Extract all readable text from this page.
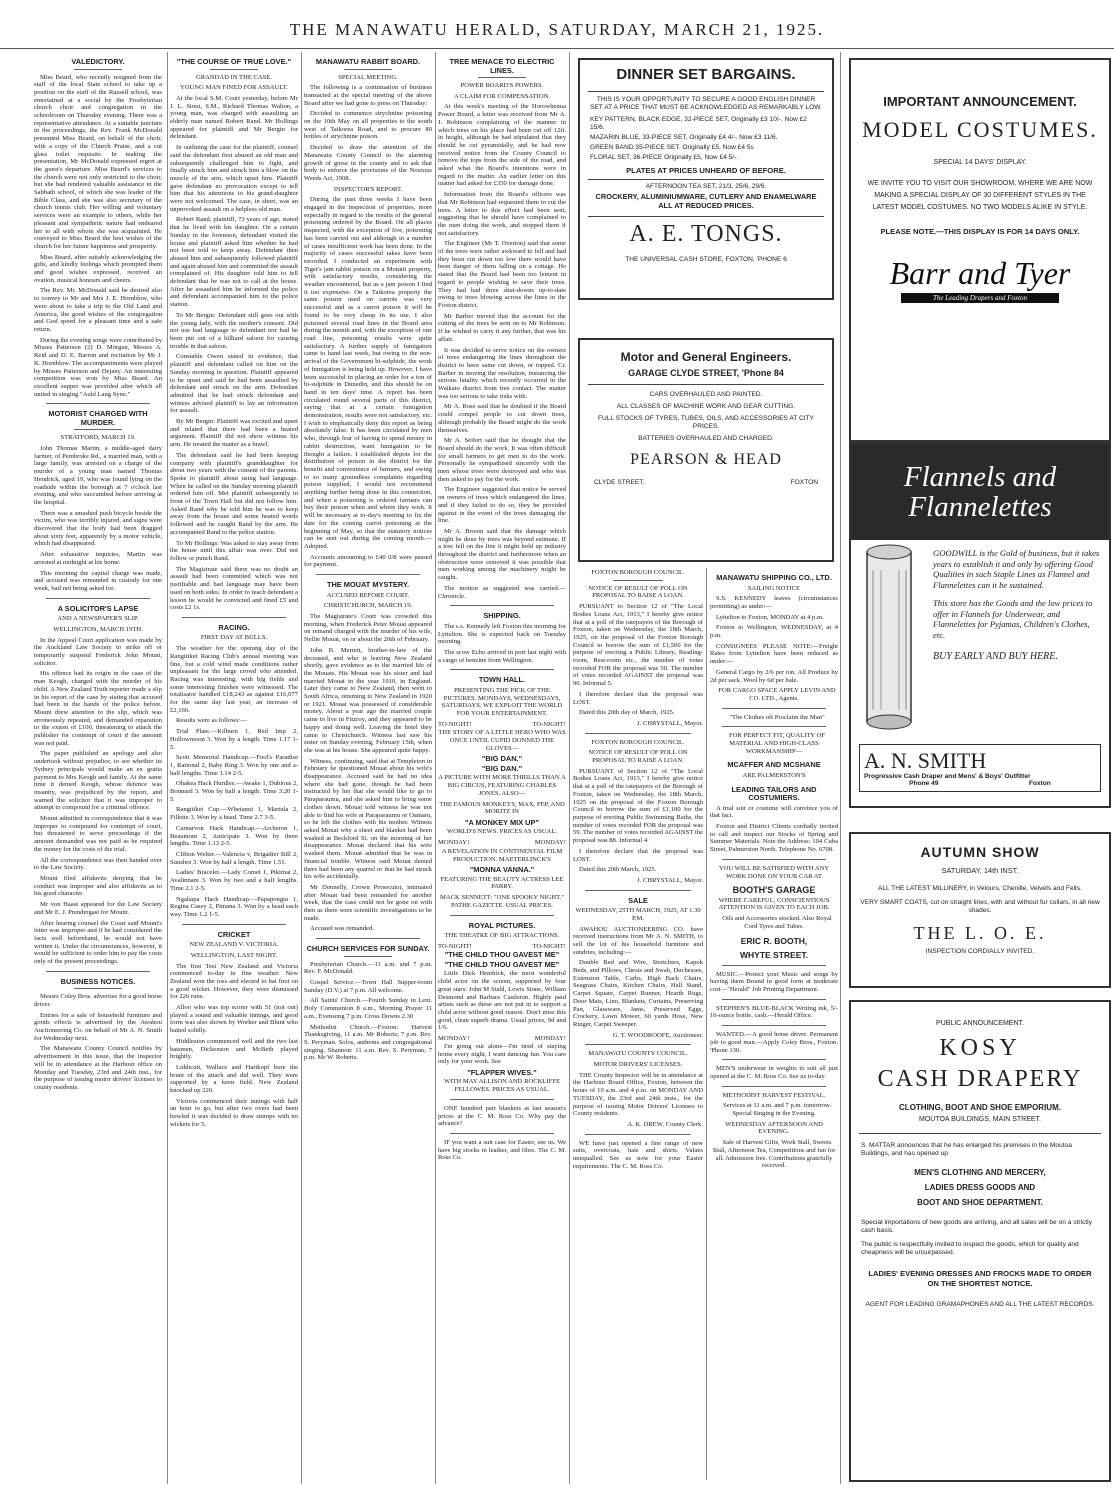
THE MANAWATU HERALD, SATURDAY, MARCH 21, 1925.
VALEDICTORY.

Miss Beard, who recently resigned from the staff of the local State school to take up a position on the staff of the Russell school, was entertained at a social by the Presbyterian church choir and congregation in the schoolroom on Thursday evening. There was a representative attendance. At a suitable juncture in the proceedings, the Rev. Frank McDonald presented Miss Beard, on behalf of the choir, with a copy of the Church Praise, and a cut glass toilet requisite. In making the presentation, Mr McDonald expressed regret at the guest's departure. Miss Beard's services to the church were not only restricted to the choir, but she had rendered valuable assistance in the Sabbath school, of which she was leader of the Bible Class, and she was also secretary of the church tennis club. Her willing and voluntary services were an example to others, while her pleasant and sympathetic nature had endeared her to all with whom she was acquainted. He conveyed to Miss Beard the best wishes of the church for her future happiness and prosperity.

Miss Beard, after suitably acknowledging the gifts, and kindly feelings which prompted them and good wishes expressed, received an ovation, musical honours and cheers.

The Rev. Mr. McDonald said he desired also to convey to Mr and Mrs J. E. Hornblow, who were about to take a trip to the Old Land and America, the good wishes of the congregation and God speed for a pleasant time and a safe return.

During the evening songs were contributed by Misses Patterson (2) D. Morgan, Messrs A. Reid and D. E. Barron and recitation by Mr J. K. Hornblow. The accompaniments were played by Misses Patterson and Dejany. An interesting competition was won by Miss Beard. An excellent supper was provided after which all united in singing "Auld Lang Syne."

MOTORIST CHARGED WITH MURDER.
STRATFORD, MARCH 19.

John Thomas Martin, a middle-aged dairy farmer, of Pembroke Rd., a married man, with a large family, was arrested on a charge of the murder of a young man named Thomas Hendrick, aged 19, who was found lying on the roadside within the borough at 7 o'clock last evening, and who succumbed before arriving at the hospital.

There was a smashed push bicycle beside the victim, who was terribly injured, and signs were discovered that the body had been dragged about sixty feet, apparently by a motor vehicle, which had disappeared.

After exhaustive inquiries, Martin was arrested at midnight at his home.

This morning the capital charge was made, and accused was remanded in custody for one week, bail not being asked for.

A SOLICITOR'S LAPSE
AND A NEWSPAPER'S SLIP.
WELLINGTON, MARCH 19TH.

In the Appeal Court application was made by the Auckland Law Society to strike off or temporarily suspend Frederick John Mount, solicitor.

His offence had its origin in the case of the man Keogh, charged with the murder of his child. A New Zealand Truth reporter made a slip in his report of the case by stating that accused had been in the hands of the police before. Mount drew attention to the slip, which was erroneously repeated, and demanded reparation to the extent of £100, threatening to attack the publisher for contempt of court if the amount was not paid.

The paper published an apology and also undertook without prejudice, to see whether its Sydney principals would make an ex gratia payment to Mrs Keogh and family. At the same time it denied Keogh, whose defence was insanity, was prejudiced by the report, and warned the solicitor that it was improper to attempt to compound for a criminal offence.

Mount admitted in correspondence that it was improper to compound for contempt of court, but threatened to serve proceedings if the amount demanded was not paid as he required the money for the costs of the trial.

All the correspondence was then handed over to the Law Society.

Mount filed affidavits denying that he conduct was improper and also affidavits as to his good character.

Mr von Haast appeared for the Law Society and Mr E. J. Prendergast for Mount.

After hearing counsel the Court said Mount's letter was improper and if he had considered the facts well beforehand, he would not have written it. Under the circumstances, however, it would be sufficient to order him to pay the costs only of the present proceedings.

BUSINESS NOTICES.

Messrs Coley Bros. advertise for a good horse driver.

Entries for a sale of household furniture and goods effects is advertised by the Awahou Auctioneering Co. on behalf of Mr A. N. Smith for Wednesday next.

The Manawatu County Council notifies by advertisement in this issue, that the inspector will be in attendance at the Harbour office on Monday and Tuesday, 23rd and 24th inst., for the purpose of issuing motor drivers' licenses to county residents.

"THE COURSE OF TRUE LOVE."
GRANDAD IN THE CASE.
YOUNG MAN FINED FOR ASSAULT.

At the local S.M. Court yesterday, before Mr J. L. Stout, S.M., Richard Thomas Walton, a young man, was charged with assaulting an elderly man named Robert Rand. Mr Hollings appeared for plaintiff and Mr Bergin for defendant.

In outlining the case for the plaintiff, counsel said the defendant first abused an old man and subsequently challenged him to fight, and finally struck him and struck him a blow on the muscle of the arm, which upset him. Plaintiff gave defendant no provocation except to tell him that his attentions to his grand-daughter were not welcomed. The case, in short, was an unprovoked assault on a helpless old man.

Robert Rand, plaintiff, 73 years of age, stated that he lived with his daughter. On a certain Sunday in the forenoon, defendant visited the house and plaintiff asked him whether he had not been told to keep away. Defendant then abused him and subsequently followed plaintiff and again abused him and committed the assault complained of. His daughter told him to tell defendant that he was not to call at the house. After he assaulted him he informed the police and defendant accompanied him to the police station.

To Mr Bergin: Defendant still goes out with the young lady, with the mother's consent. Did not use bad language to defendant nor had he been put out of a billiard saloon for causing trouble in that saloon.

Constable Owen stated in evidence, that plaintiff and defendant called on him on the Sunday morning in question. Plaintiff appeared to be upset and said he had been assaulted by defendant and struck on the arm. Defendant admitted that he had struck defendant and witness advised plaintiff to lay an information for assault.

By Mr Bergin: Plaintiff was excited and upset and related that there had been a heated argument. Plaintiff did not show witness his arm. He treated the matter as a brawl.

The defendant said he had been keeping company with plaintiff's granddaughter for about two years with the consent of the parents. Spoke to plaintiff about using bad language. When he called on the Sunday morning plaintiff ordered him off. Met plaintiff subsequently in front of the Town Hall but did not follow him. Asked Rand why he told him he was to keep away from the house and some heated words followed and he caught Rand by the arm. He accompanied Rand to the police station.

To Mr Hollings: Was asked to stay away from the house until this affair was over. Did not follow or punch Rand.

The Magistrate said there was no doubt an assault had been committed which was not justifiable and bad language may have been used on both sides. In order to teach defendant a lesson he would be convicted and fined £5 and costs £2 1s.

RACING.
FIRST DAY AT BULLS.

The weather for the opening day of the Rangitikei Racing Club's annual meeting was fine, but a cold wind made conditions rather unpleasant for the large crowd who attended. Racing was interesting, with big fields and some interesting finishes were witnessed. The totalisator handled £18,243 as against £16,077 for the same day last year, an increase of £2,166.

Results were as follows:—

Trial Plate.—Kilburn 1, Red Imp 2, Hollowmoon 3. Won by a length. Time 1.17 1-5.

Scott Memorial Handicap.—Fool's Paradise 1, Rational 2, Baby Ring 3. Won by one and a-half lengths. Time 1.14 2-5.

Ohakea Hack Hurdles.—Awake 1, Dubious 2, Bonnard 3. Won by half a length. Time 3.20 1-5.

Rangitikei Cup.—Whetanui 1, Martula 2, Fillette 3. Won by a head. Time 2.7 3-5.

Carnarvon Hack Handicap.—Archeron 1, Beaumont 2, Anticipate 3. Won by three lengths. Time 1.13 2-5.

Clifton Welter.—Valencia v, Brigadier Bill 2, Sunshot 3. Won by half a length. Time 1.51.

Ladies' Bracelet.—Lady Comet 1, Pikimai 2, Avalinnam 3. Won by two and a half lengths. Time 2.1 2-5.

Ngahapa Hack Handicap.—Papapongia 1, Regina Casey 2, Pimana 3. Won by a head each way. Time 1.2 1-5.

CRICKET
NEW ZEALAND V. VICTORIA.
WELLINGTON, LAST NIGHT.

The first Test New Zealand and Victoria commenced to-day in fine weather. New Zealand won the toss and elected to bat first on a good wicket. However, they were dismissed for 226 runs.

Alloo who was top scorer with 51 (not out) played a sound and valuable innings, and good form was also shown by Worker and Blunt who batted solidly.

Hiddleston commenced well and the two last batsmen, Dickenson and McBeth played brightly.

Liddicutt, Wallace and Hartkopf bore the brunt of the attack and did well. They were supported by a keen field. New Zealand knocked up 226.

Victoria commenced their innings with half an hour to go, but after two overs had been bowled it was decided to draw stumps with no wickets for 5.

MANAWATU RABBIT BOARD.
SPECIAL MEETING.

The following is a continuation of business transacted at the special meeting of the above Board after we had gone to press on Thursday:

Decided to commence strychnine poisoning on the 10th May on all properties to the south west of Taikorea Road, and to procure 80 bottles of strychnine poison.

Decided to draw the attention of the Manawatu County Council to the alarming growth of gorse in the county and to ask that body to enforce the provisions of the Noxious Weeds Act, 1908.

INSPECTOR'S REPORT.

During the past three weeks I have been engaged in the inspection of properties, more especially in regard to the results of the general poisoning ordered by the Board. On all places inspected, with the exception of five, poisoning has been carried out and although in a number of cases insufficient work has been done. In the majority of cases successful takes have been recorded. I conducted an experiment with Tiger's jam rabbit poison on a Motuiti property, with satisfactory results, considering the weather encountered, but as a jam poison I find it too expensive. On a Taikorea property the same poison used on carrots was very successful and as a carrot poison it will be found to be very cheap in its use. I also poisoned several road lines in the Board area during the month and, with the exception of one road line, poisoning results were quite satisfactory. A further supply of fumigators came to hand last week, but owing to the non-arrival of the Government bi-sulphide, the work of fumigation is being held up. However, I have been successful in placing an order for a ton of bi-sulphide in Dunedin, and this should be on hand in ten days' time. A report has been circulated round several parts of this district, saying that at a certain fumigation demonstration, results were not satisfactory, etc. I wish to emphatically deny this report as being absolutely false. It has been circulated by men who, through fear of having to spend money in rabbit destruction, want fumigation to be thought a failure. I established depots for the distribution of poison in the district for the benefit and convenience of farmers, and owing to so many groundless complaints regarding poison supplied, I would not recommend anything further being done in this connection, and when a poisoning is ordered farmers can buy their poison when and where they wish. It will be necessary at to-day's meeting to fix the date for the coming carrot poisoning at the beginning of May, so that the statutory notices can be sent out during the coming month.—Adopted.

Accounts amounting to £40 0/8 were passed for payment.

THE MOUAT MYSTERY.
ACCUSED BEFORE COURT.
CHRISTCHURCH, MARCH 19.

The Magistrate's Court was crowded this morning, when Frederick Peter Mouat appeared on remand charged with the murder of his wife, Nellie Mouat, on or about the 20th of February.

John B. Merrett, brother-in-law of the deceased, and who is leaving New Zealand shortly, gave evidence as to the married life of the Mouats. His Mouat was his sister and had married Mouat in the year 1910, in England. Later they came to New Zealand, then went to South Africa, returning to New Zealand in 1920 or 1921. Mouat was possessed of considerable money. About a year ago the married couple came to live in Fitzroy, and they appeared to be happy and doing well. Leaving the hotel they came to Christchurch. Witness last saw his sister on Sunday evening, February 15th, when she was at his house. She appeared quite happy.

Witness, continuing, said that at Templeton in February he questioned Mouat about his wife's disappearance. Accused said he had no idea where she had gone, though he had been instructed by her that she would like to go to Paraparaumu, and she asked him to bring some clothes down. Mouat told witness he was not able to find his wife at Paraparaumu or Oamaru, so he left the clothes with his mother. Witness asked Mouat why a sheet and blanket had been washed at Beckford St. on the morning of her disappearance. Mouat declared that his wife washed them. Mouat admitted that he was in financial trouble. Witness said Mouat denied there had been any quarrel or that he had struck his wife accidentally.

Mr Donnelly, Crown Prosecutor, intimated after Mouat had been remanded for another week, that the case could not be gone on with then as there were scientific investigations to be made.

Accused was remanded.

CHURCH SERVICES FOR SUNDAY.

Presbyterian Church.—11 a.m. and 7 p.m. Rev. F. McDonald.

Gospel Service.—Town Hall Supper-room Sunday (D.V.) at 7 p.m. All welcome.

All Saints' Church.—Fourth Sunday in Lent. Holy Communion 8 a.m., Morning Prayer 11 a.m., Evensong 7 p.m. Cross Downs 2.30

Methodist Church.—Foxton: Harvest Thanksgiving, 11 a.m. Mr Roberts; 7 p.m. Rev. S. Peryman. Solos, anthems and congregational singing. Shannon: 11 a.m. Rev. S. Peryman; 7 p.m. Mr W. Roberts.

TREE MENACE TO ELECTRIC LINES.
POWER BOARD'S POWERS.
A CLAIM FOR COMPENSATION.

At this week's meeting of the Horowhenua Power Board, a letter was received from Mr A. J. Robinson complaining of the manner in which trees on his place had been cut off 12ft. in height, although he had stipulated that they should be cut pyramidally, and he had now received notice from the County Council to remove the tops from the side of the road, and asked what the Board's intentions were in regard to the matter. An earlier letter on this matter had asked for £350 for damage done.

Information from the Board's officers was that Mr Robinson had requested them to cut the trees. A letter to this effect had been sent, suggesting that he should have complained to the men doing the work, and stopped them if not satisfactory.

The Engineer (Mr T. Overton) said that some of the trees were rather awkward to fell and had they been cut down too low there would have been danger of them falling on a cottage. He stated that the Board had been too lenient in regard to people wishing to save their trees. They had had three shut-downs up-to-date owing to trees blowing across the lines in the Foxton district.

Mr Barber moved that the account for the cutting of the trees be sent on to Mr Robinson. If he wished to carry it any further, that was his affair.

It was decided to serve notice on the owners of trees endangering the lines throughout the district to have same cut down, or topped. Cr. Barber in moving the resolution, instancing the serious fatality which recently occurred in the Waikato district from tree contact. The matter was too serious to take risks with.

Mr A. Rose said that he doubted if the Board could compel people to cut down trees, although probably the Board might do the work themselves.

Mr A. Seifert said that he thought that the Board should do the work. It was often difficult for small farmers to get men to do the work. Personally he sympathised sincerely with the men whose trees were destroyed and who was then asked to pay for the work.

The Engineer suggested that notice be served on owners of trees which endangered the lines, and if they failed to do so, they be provided against in the event of the trees damaging the line.

Mr A. Broom said that the damage which might be done by trees was beyond estimate. If a tree fell on the line it might hold up industry throughout the district and furthermore when an obstruction were removed it was possible that men working among the machinery might be caught.

The motion as suggested was carried.—Chronicle.

SHIPPING.

The s.s. Kennedy left Foxton this morning for Lyttelton. She is expected back on Tuesday morning.

The scow Echo arrived in port last night with a cargo of benzine from Wellington.

TOWN HALL.
PRESENTING THE PICK OF THE PICTURES. MONDAYS, WEDNESDAYS, SATURDAYS. WE EXPLOIT THE WORLD FOR YOUR ENTERTAINMENT.
TO-NIGHT!	TO-NIGHT!
THE STORY OF A LITTLE HERO WHO WAS ONCE UNTIL CUPID DONNED THE GLOVES—
"BIG DAN."
"BIG DAN."
A PICTURE WITH MORE THRILLS THAN A BIG CIRCUS, FEATURING CHARLES JONES. ALSO—
THE FAMOUS MONKEYS, MAX, PEP, AND MORITZ IN
"A MONKEY MIX UP"
WORLD'S NEWS. PRICES AS USUAL.
MONDAY!	MONDAY!
A REVELATION IN CONTINENTAL FILM PRODUCTION. MAETERLINCK'S
"MONNA VANNA."
FEATURING THE BEAUTY ACTRESS LEE PARRY.
MACK SENNETT: "ONE SPOOKY NIGHT." PATHE GAZETTE. USUAL PRICES.
ROYAL PICTURES.
THE THEATRE OF BIG ATTRACTIONS.
TO-NIGHT!	TO-NIGHT!
"THE CHILD THOU GAVEST ME"
"THE CHILD THOU GAVEST ME"

Little Dick Hendrick, the most wonderful child actor on the screen, supported by four great stars: John M Stahl, Lewis Stone, William Desmond and Barbara Castleton. Highly paid artists such as these are not put in to support a child actor without good reason. Don't miss this good, clean superb drama. Usual prices, 9d and 1/6.

MONDAY!	MONDAY!

I'm going out alone—I'm tired of staying home every night, I want dancing fun. You care only for your work. See

"FLAPPER WIVES."
WITH MAY ALLISON AND ROCKLIFFE FELLOWES. PRICES AS USUAL.

ONE hundred pair blankets at last season's prices at the C. M. Ross Co. Why pay the advance?

IF you want a suit case for Easter, see us. We have big stocks in leather, and fibre. The C. M. Ross Co.

DINNER SET BARGAINS.

THIS IS YOUR OPPORTUNITY TO SECURE A GOOD ENGLISH DINNER SET AT A PRICE THAT MUST BE ACKNOWLEDGED AS REMARKABLY LOW.

KEY PATTERN, BLACK EDGE, 32-PIECE SET, Originally £3 10/-. Now £2 15/6.

MAZARIN BLUE, 33-PIECE SET, Originally £4 4/-. Now £3 11/6.

GREEN BAND 35-PIECE SET. Originally £5, Now £4 5s

FLORAL SET, 36-PIECE Originally £5, Now £4 5/-.

PLATES AT PRICES UNHEARD OF BEFORE.

AFTERNOON TEA SET, 21/3, 25/6, 29/6.

CROCKERY, ALUMINIUMWARE, CUTLERY AND ENAMELWARE ALL AT REDUCED PRICES.

A. E. TONGS.

THE UNIVERSAL CASH STORE, FOXTON, 'PHONE 6

Motor and General Engineers.
GARAGE CLYDE STREET, 'Phone 84

CARS OVERHAULED AND PAINTED.

ALL CLASSES OF MACHINE WORK AND GEAR CUTTING.

FULL STOCKS OF TYRES, TUBES, OILS, AND ACCESSORIES AT CITY PRICES.

BATTERIES OVERHAULED AND CHARGED.

PEARSON & HEAD
CLYDE STREET,	FOXTON
FOXTON BOROUGH COUNCIL.
NOTICE OF RESULT OF POLL ON PROPOSAL TO RAISE A LOAN.

PURSUANT to Section 12 of "The Local Bodies Loans Act, 1913," I hereby give notice that at a poll of the ratepayers of the Borough of Foxton, taken on Wednesday, the 18th March, 1925, on the proposal of the Foxton Borough Council to borrow the sum of £1,500 for the purpose of erecting a Public Library, Reading-room, Rest-room etc., the number of votes recorded FOR the proposal was 50. The number of votes recorded AGAINST the proposal was 90. Informal 5.

I therefore declare that the proposal was LOST.

Dated this 20th day of March, 1925.

J. CHRYSTALL, Mayor.

FOXTON BOROUGH COUNCIL.
NOTICE OF RESULT OF POLL ON PROPOSAL TO RAISE A LOAN.

PURSUANT of Section 12 of "The Local Bodies Loans Act, 1913," I hereby give notice that at a poll of the ratepayers of the Borough of Foxton, taken on Wednesday, the 18th March, 1925 on the proposal of the Foxton Borough Council to borrow the sum of £1,100 for the purpose of erecting Public Swimming Baths, the number of votes recorded FOR the proposal was 59. The number of votes recorded AGAINST the proposal was 88. Informal 4.

I therefore declare that the proposal was LOST.

Dated this 20th March, 1925.

J. CHRYSTALL, Mayor.

SALE
WEDNESDAY, 25TH MARCH, 1925, AT 1.30 P.M.

AWAHOU AUCTIONEERING CO. have received instructions from Mr A. N. SMITH, to sell the lot of his household furniture and sundries, including:—

Double Bed and Wire, Stretchers, Kapok Beds, and Pillows, Chests and Swab, Duchesses, Extension Table, Carbs, High Back Chairs, Seagrass Chairs, Kitchen Chairs, Hall Stand, Carpet Square, Carpet Runner, Hearth Rugs, Door Mats, Lino, Blankets, Curtains, Preserving Pan, Glassware, Jams, Preserved Eggs, Crockery, Lawn Mower, 60 yards Hose, New Ringer, Carpet Sweeper.

G. T. WOODROOFE, Auctioneer.

MANAWATU COUNTY COUNCIL.
MOTOR DRIVERS' LICENSES.

THE County Inspector will be in attendance at the Harbour Board Office, Foxton, between the hours of 10 a.m. and 4 p.m. on MONDAY AND TUESDAY, the 23rd and 24th insts., for the purpose of issuing Motor Drivers' Licenses to County residents.

A. K. DREW, County Clerk.

WE have just opened a fine range of new suits, overcoats, hats and shirts. Values unequalled. See us now for your Easter requirements. The C. M. Ross Co.

MANAWATU SHIPPING CO., LTD.
SAILING NOTICE

S.S. KENNEDY leaves (circumstances permitting) as under:—

Lyttelton to Foxton, MONDAY at 4 p.m.

Foxton to Wellington, WEDNESDAY, at 4 p.m.

CONSIGNEES PLEASE NOTE:—Freight Rates from Lyttelton have been reduced as under:—

General Cargo by 2/6 per ton. All Produce by 2d per sack. Wool by 6d per bale.

FOR CARGO SPACE APPLY LEVIN AND CO. LTD., Agents.

"The Clothes oft Proclaim the Man"

FOR PERFECT FIT, QUALITY OF MATERIAL AND HIGH-CLASS WORKMANSHIP—

MCAFFER AND MCSHANE
ARE PALMERSTON'S
LEADING TAILORS AND COSTUMIERS.

A trial suit or costume will convince you of that fact.

Foxton and District Clients cordially invited to call and inspect our Stocks of Spring and Summer Materials. Note the Address: 104 Cuba Street, Palmerston North. Telephone No. 6708.

YOU WILL BE SATISFIED WITH ANY WORK DONE ON YOUR CAR AT
BOOTH'S GARAGE
WHERE CAREFUL, CONSCIENTIOUS ATTENTION IS GIVEN TO EACH JOB.

Oils and Accessories stocked. Also Royal Cord Tyres and Tubes.

ERIC R. BOOTH,
WHYTE STREET.

MUSIC.—Protect your Music and songs by having them Bound in good form at moderate cost—"Herald" Job Printing Department.

STEPHEN'S BLUE-BLACK Writing ink, 5/- 16-ounce bottle, cash.—Herald Office.

WANTED.—A good horse driver. Permanent job to good man.—Apply Coley Bros., Foxton. 'Phone 130.

MEN'S underwear in weights to suit all just opened at the C. M. Ross Co. See us to-day.

METHODIST HARVEST FESTIVAL.

Services at 11 a.m. and 7 p.m. tomorrow. Special Singing in the Evening.

WEDNESDAY AFTERNOON AND EVENING.

Sale of Harvest Gifts, Work Stall, Sweets Stall, Afternoon Tea, Competitions and fun for all. Admission free. Contributions gratefully received.

IMPORTANT ANNOUNCEMENT.
MODEL COSTUMES.
SPECIAL 14 DAYS' DISPLAY.

WE INVITE YOU TO VISIT OUR SHOWROOM, WHERE WE ARE NOW MAKING A SPECIAL DISPLAY OF 30 DIFFERENT STYLES IN THE LATEST MODEL COSTUMES. NO TWO MODELS ALIKE IN STYLE.

PLEASE NOTE.—THIS DISPLAY IS FOR 14 DAYS ONLY.

Barr and Tyer
The Leading Drapers and Foxton
Flannels and Flannelettes

GOODWILL is the Gold of business, but it takes years to establish it and only by offering Good Qualities in such Staple Lines as Flannel and Flannelettes can it be sustained.

This store has the Goods and the low prices to offer in Flannels for Underwear, and Flannelettes for Pyjamas, Children's Clothes, etc.

BUY EARLY AND BUY HERE.

A. N. SMITH
Progressive Cash Draper and Mens' & Boys' Outfitter
Phone 49	Foxton
AUTUMN SHOW
SATURDAY, 14th INST.

ALL THE LATEST MILLINERY, in Velours, Chenille, Velvets and Felts.

VERY SMART COATS, cut on straight lines, with and without fur collars, in all new shades.

THE L. O. E.
INSPECTION CORDIALLY INVITED.
PUBLIC ANNOUNCEMENT.
KOSY
CASH DRAPERY
CLOTHING, BOOT AND SHOE EMPORIUM.
MOUTOA BUILDINGS, MAIN STREET.

S. MATTAR announces that he has enlarged his premises in the Moutoa Buildings, and has opened up

MEN'S CLOTHING AND MERCERY,
LADIES DRESS GOODS AND
BOOT AND SHOE DEPARTMENT.

Special importations of new goods are arriving, and all sales will be on a strictly cash basis.

The public is respectfully invited to inspect the goods, which for quality and cheapness will be unsurpassed.

LADIES' EVENING DRESSES AND FROCKS MADE TO ORDER ON THE SHORTEST NOTICE.

AGENT FOR LEADING GRAMAPHONES AND ALL THE LATEST RECORDS.
